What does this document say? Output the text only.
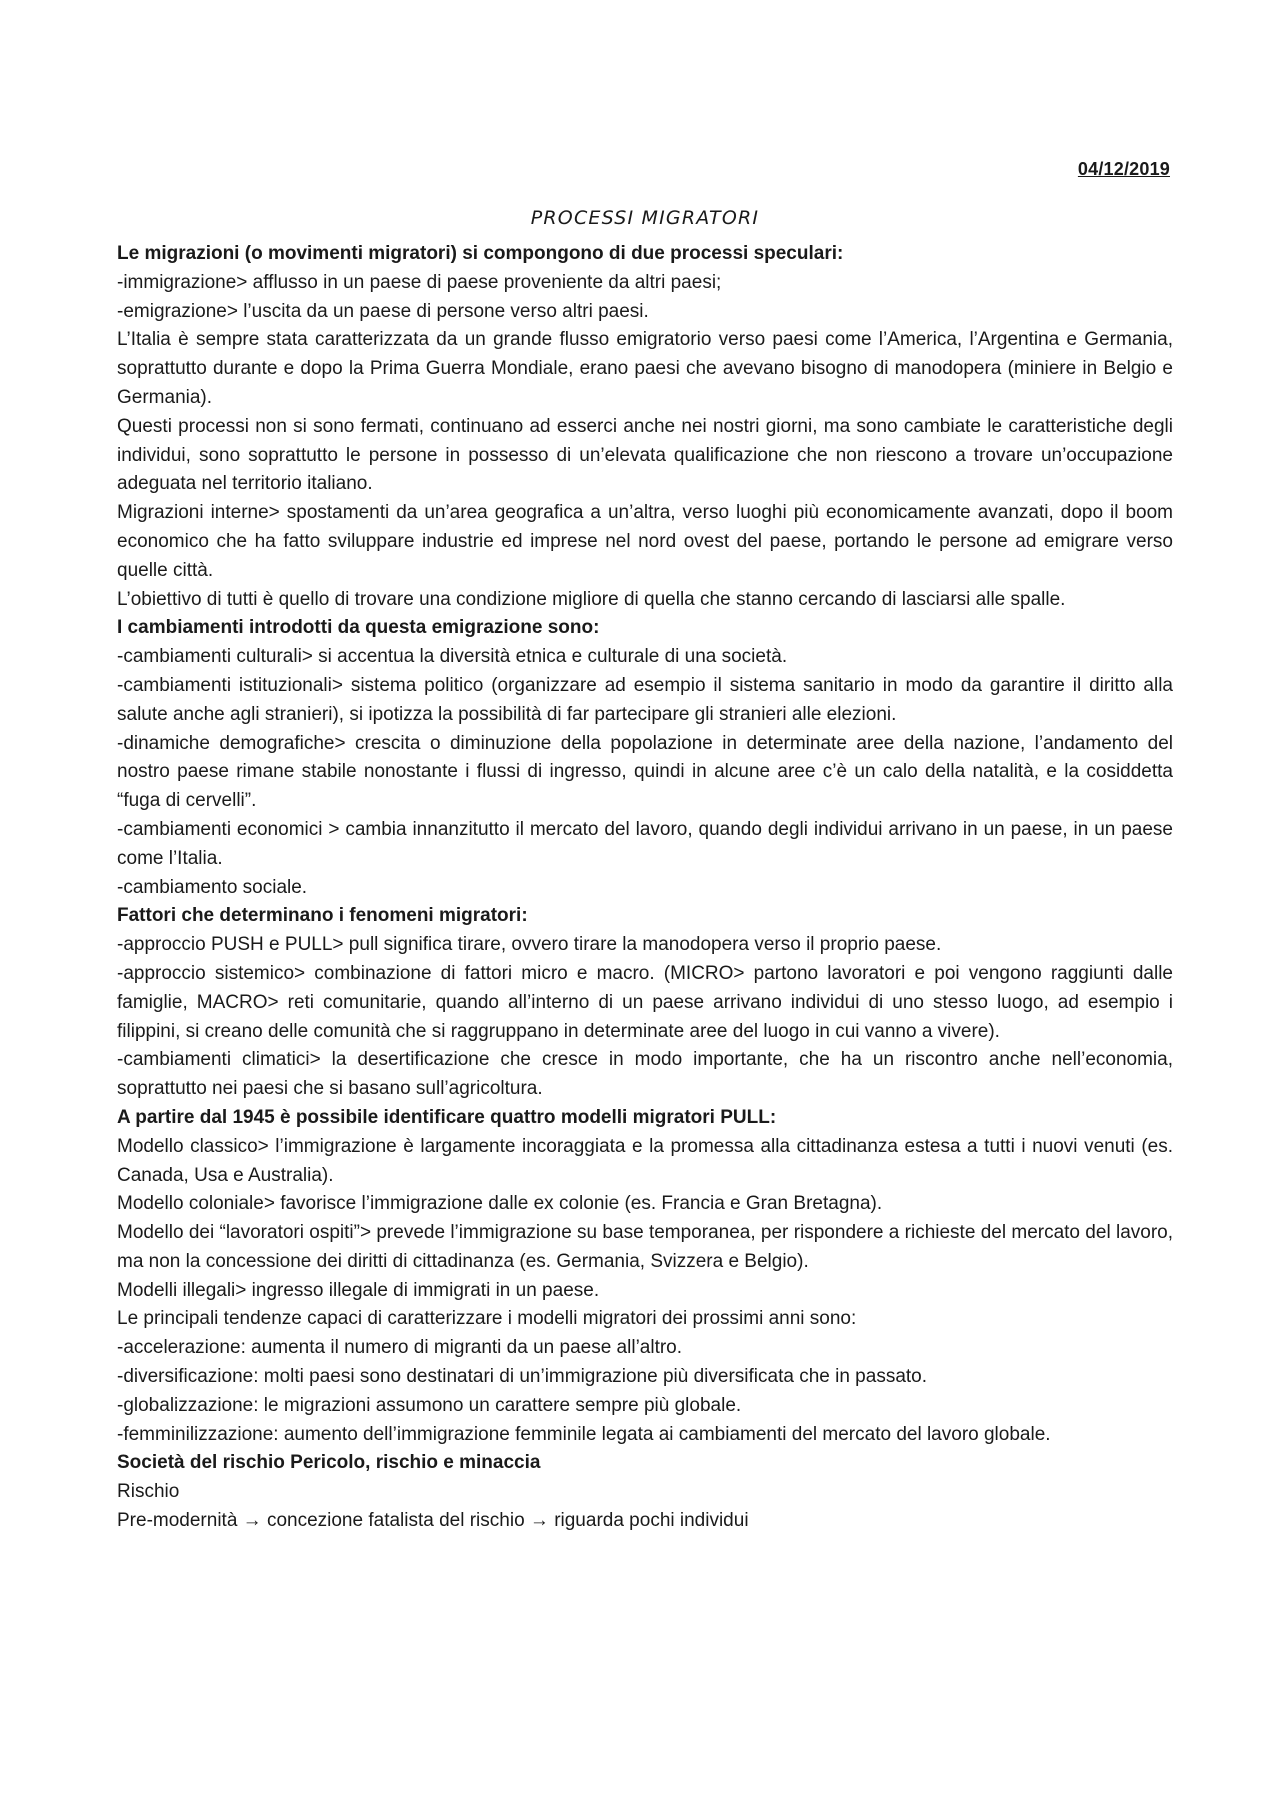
04/12/2019
PROCESSI MIGRATORI

Le migrazioni (o movimenti migratori) si compongono di due processi speculari:

-immigrazione> afflusso in un paese di paese proveniente da altri paesi;

-emigrazione> l’uscita da un paese di persone verso altri paesi.

L’Italia è sempre stata caratterizzata da un grande flusso emigratorio verso paesi come l’America, l’Argentina e Germania, soprattutto durante e dopo la Prima Guerra Mondiale, erano paesi che avevano bisogno di manodopera (miniere in Belgio e Germania).

Questi processi non si sono fermati, continuano ad esserci anche nei nostri giorni, ma sono cambiate le caratteristiche degli individui, sono soprattutto le persone in possesso di un’elevata qualificazione che non riescono a trovare un’occupazione adeguata nel territorio italiano.

Migrazioni interne> spostamenti da un’area geografica a un’altra, verso luoghi più economicamente avanzati, dopo il boom economico che ha fatto sviluppare industrie ed imprese nel nord ovest del paese, portando le persone ad emigrare verso quelle città.

L’obiettivo di tutti è quello di trovare una condizione migliore di quella che stanno cercando di lasciarsi alle spalle.

I cambiamenti introdotti da questa emigrazione sono:

-cambiamenti culturali> si accentua la diversità etnica e culturale di una società.

-cambiamenti istituzionali> sistema politico (organizzare ad esempio il sistema sanitario in modo da garantire il diritto alla salute anche agli stranieri), si ipotizza la possibilità di far partecipare gli stranieri alle elezioni.

-dinamiche demografiche> crescita o diminuzione della popolazione in determinate aree della nazione, l’andamento del nostro paese rimane stabile nonostante i flussi di ingresso, quindi in alcune aree c’è un calo della natalità, e la cosiddetta “fuga di cervelli”.

-cambiamenti economici > cambia innanzitutto il mercato del lavoro, quando degli individui arrivano in un paese, in un paese come l’Italia.

-cambiamento sociale.

Fattori che determinano i fenomeni migratori:

-approccio PUSH e PULL> pull significa tirare, ovvero tirare la manodopera verso il proprio paese.

-approccio sistemico> combinazione di fattori micro e macro. (MICRO> partono lavoratori e poi vengono raggiunti dalle famiglie, MACRO> reti comunitarie, quando all’interno di un paese arrivano individui di uno stesso luogo, ad esempio i filippini, si creano delle comunità che si raggruppano in determinate aree del luogo in cui vanno a vivere).

-cambiamenti climatici> la desertificazione che cresce in modo importante, che ha un riscontro anche nell’economia, soprattutto nei paesi che si basano sull’agricoltura.

A partire dal 1945 è possibile identificare quattro modelli migratori PULL:

Modello classico> l’immigrazione è largamente incoraggiata e la promessa alla cittadinanza estesa a tutti i nuovi venuti (es. Canada, Usa e Australia).

Modello coloniale> favorisce l’immigrazione dalle ex colonie (es. Francia e Gran Bretagna).

Modello dei “lavoratori ospiti”> prevede l’immigrazione su base temporanea, per rispondere a richieste del mercato del lavoro, ma non la concessione dei diritti di cittadinanza (es. Germania, Svizzera e Belgio).

Modelli illegali> ingresso illegale di immigrati in un paese.

Le principali tendenze capaci di caratterizzare i modelli migratori dei prossimi anni sono:

-accelerazione: aumenta il numero di migranti da un paese all’altro.

-diversificazione: molti paesi sono destinatari di un’immigrazione più diversificata che in passato.

-globalizzazione: le migrazioni assumono un carattere sempre più globale.

-femminilizzazione: aumento dell’immigrazione femminile legata ai cambiamenti del mercato del lavoro globale.

Società del rischio Pericolo, rischio e minaccia

Rischio

Pre-modernità → concezione fatalista del rischio → riguarda pochi individui
